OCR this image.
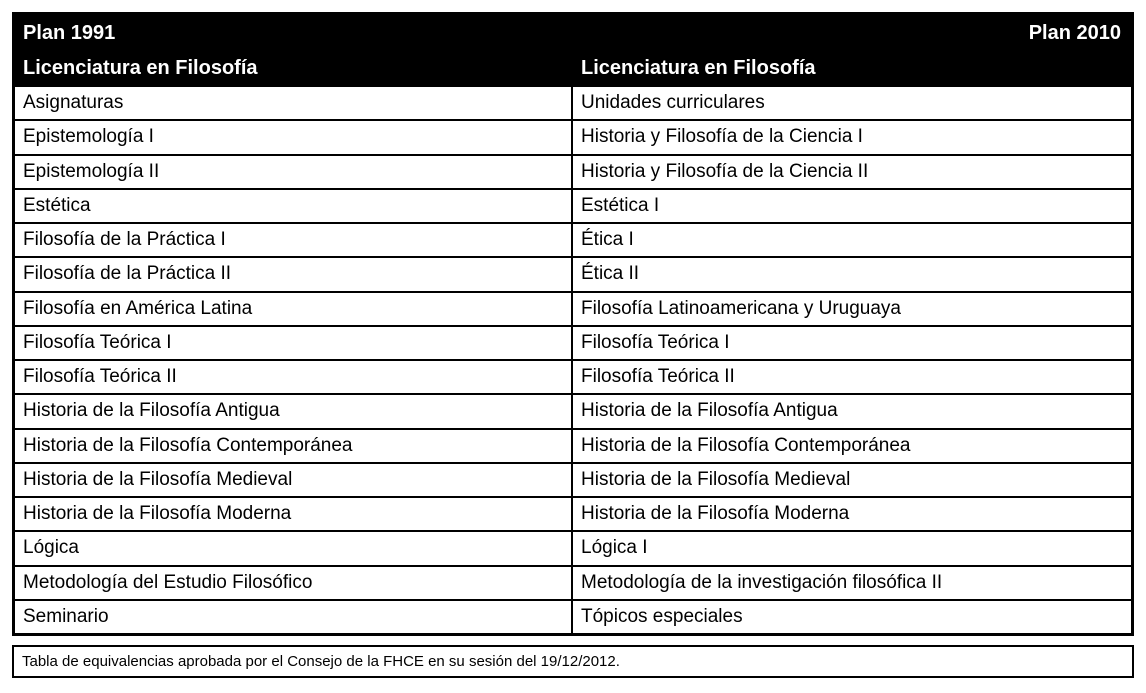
Plan 1991	Plan 2010
Licenciatura en Filosofía	Licenciatura en Filosofía
Asignaturas	Unidades curriculares
Epistemología I	Historia y Filosofía de la Ciencia I
Epistemología II	Historia y Filosofía de la Ciencia II
Estética	Estética I
Filosofía de la Práctica I	Ética I
Filosofía de la Práctica II	Ética II
Filosofía en América Latina	Filosofía Latinoamericana y Uruguaya
Filosofía Teórica I	Filosofía Teórica I
Filosofía Teórica II	Filosofía Teórica II
Historia de la Filosofía Antigua	Historia de la Filosofía Antigua
Historia de la Filosofía Contemporánea	Historia de la Filosofía Contemporánea
Historia de la Filosofía Medieval	Historia de la Filosofía Medieval
Historia de la Filosofía Moderna	Historia de la Filosofía Moderna
Lógica	Lógica I
Metodología del Estudio Filosófico	Metodología de la investigación filosófica II
Seminario	Tópicos especiales
Tabla de equivalencias aprobada por el Consejo de la FHCE en su sesión del 19/12/2012.
